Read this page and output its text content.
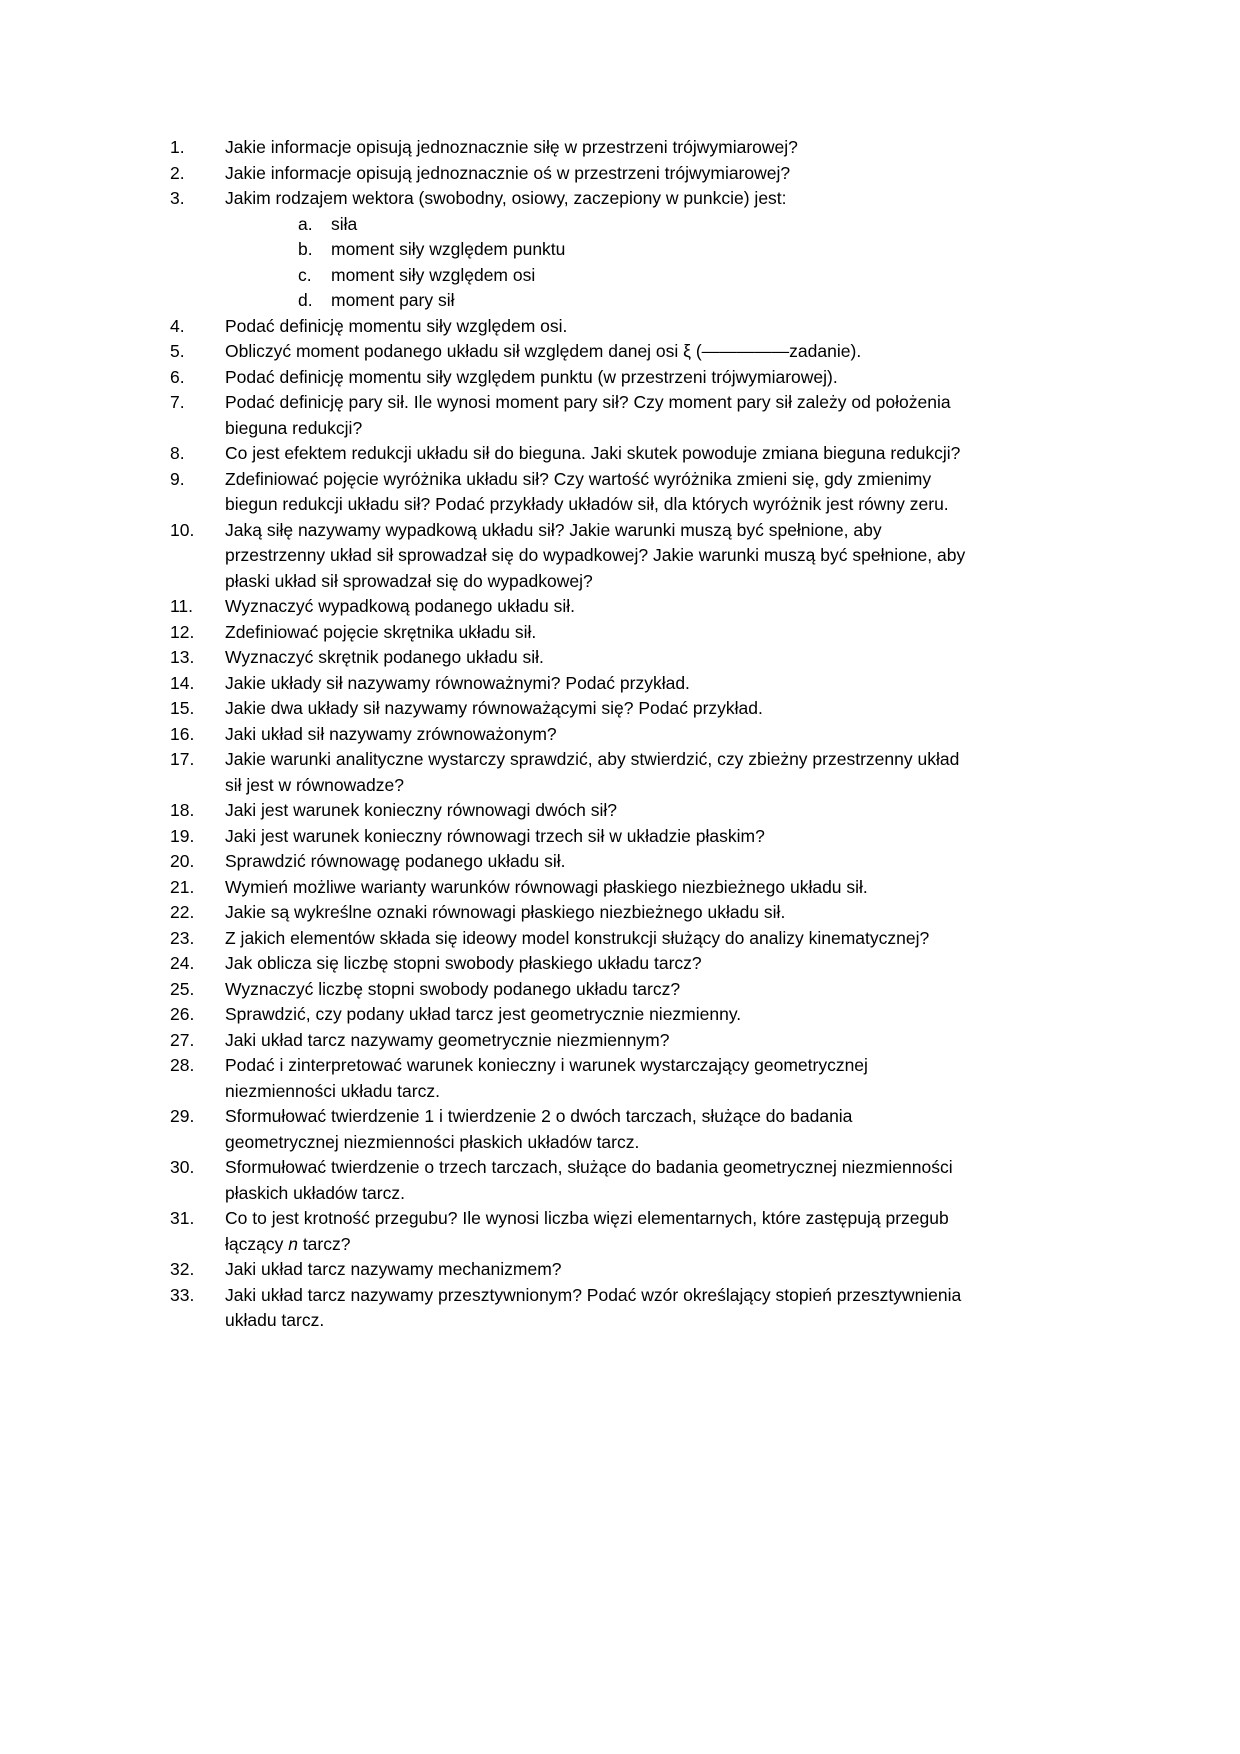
1.	Jakie informacje opisują jednoznacznie siłę w przestrzeni trójwymiarowej?
2.	Jakie informacje opisują jednoznacznie oś w przestrzeni trójwymiarowej?
3.	Jakim rodzajem wektora (swobodny, osiowy, zaczepiony w punkcie) jest:
a.	siła
b.	moment siły względem punktu
c.	moment siły względem osi
d.	moment pary sił
4.	Podać definicję momentu siły względem osi.
5.	Obliczyć moment podanego układu sił względem danej osi ξ (—————zadanie).
6.	Podać definicję momentu siły względem punktu (w przestrzeni trójwymiarowej).
7.	Podać definicję pary sił. Ile wynosi moment pary sił? Czy moment pary sił zależy od położenia bieguna redukcji?
8.	Co jest efektem redukcji układu sił do bieguna. Jaki skutek powoduje zmiana bieguna redukcji?
9.	Zdefiniować pojęcie wyróżnika układu sił? Czy wartość wyróżnika zmieni się, gdy zmienimy biegun redukcji układu sił? Podać przykłady układów sił, dla których wyróżnik jest równy zeru.
10.	Jaką siłę nazywamy wypadkową układu sił? Jakie warunki muszą być spełnione, aby przestrzenny układ sił sprowadzał się do wypadkowej? Jakie warunki muszą być spełnione, aby płaski układ sił sprowadzał się do wypadkowej?
11.	Wyznaczyć wypadkową podanego układu sił.
12.	Zdefiniować pojęcie skrętnika układu sił.
13.	Wyznaczyć skrętnik podanego układu sił.
14.	Jakie układy sił nazywamy równoważnymi? Podać przykład.
15.	Jakie dwa układy sił nazywamy równoważącymi się? Podać przykład.
16.	Jaki układ sił nazywamy zrównoważonym?
17.	Jakie warunki analityczne wystarczy sprawdzić, aby stwierdzić, czy zbieżny przestrzenny układ sił jest w równowadze?
18.	Jaki jest warunek konieczny równowagi dwóch sił?
19.	Jaki jest warunek konieczny równowagi trzech sił w układzie płaskim?
20.	Sprawdzić równowagę podanego układu sił.
21.	Wymień możliwe warianty warunków równowagi płaskiego niezbieżnego układu sił.
22.	Jakie są wykreślne oznaki równowagi płaskiego niezbieżnego układu sił.
23.	Z jakich elementów składa się ideowy model konstrukcji służący do analizy kinematycznej?
24.	Jak oblicza się liczbę stopni swobody płaskiego układu tarcz?
25.	Wyznaczyć liczbę stopni swobody podanego układu tarcz?
26.	Sprawdzić, czy podany układ tarcz jest geometrycznie niezmienny.
27.	Jaki układ tarcz nazywamy geometrycznie niezmiennym?
28.	Podać i zinterpretować warunek konieczny i warunek wystarczający geometrycznej niezmienności układu tarcz.
29.	Sformułować twierdzenie 1 i twierdzenie 2 o dwóch tarczach, służące do badania geometrycznej niezmienności płaskich układów tarcz.
30.	Sformułować twierdzenie o trzech tarczach, służące do badania geometrycznej niezmienności płaskich układów tarcz.
31.	Co to jest krotność przegubu? Ile wynosi liczba więzi elementarnych, które zastępują przegub łączący n tarcz?
32.	Jaki układ tarcz nazywamy mechanizmem?
33.	Jaki układ tarcz nazywamy przesztywnionym? Podać wzór określający stopień przesztywnienia układu tarcz.
